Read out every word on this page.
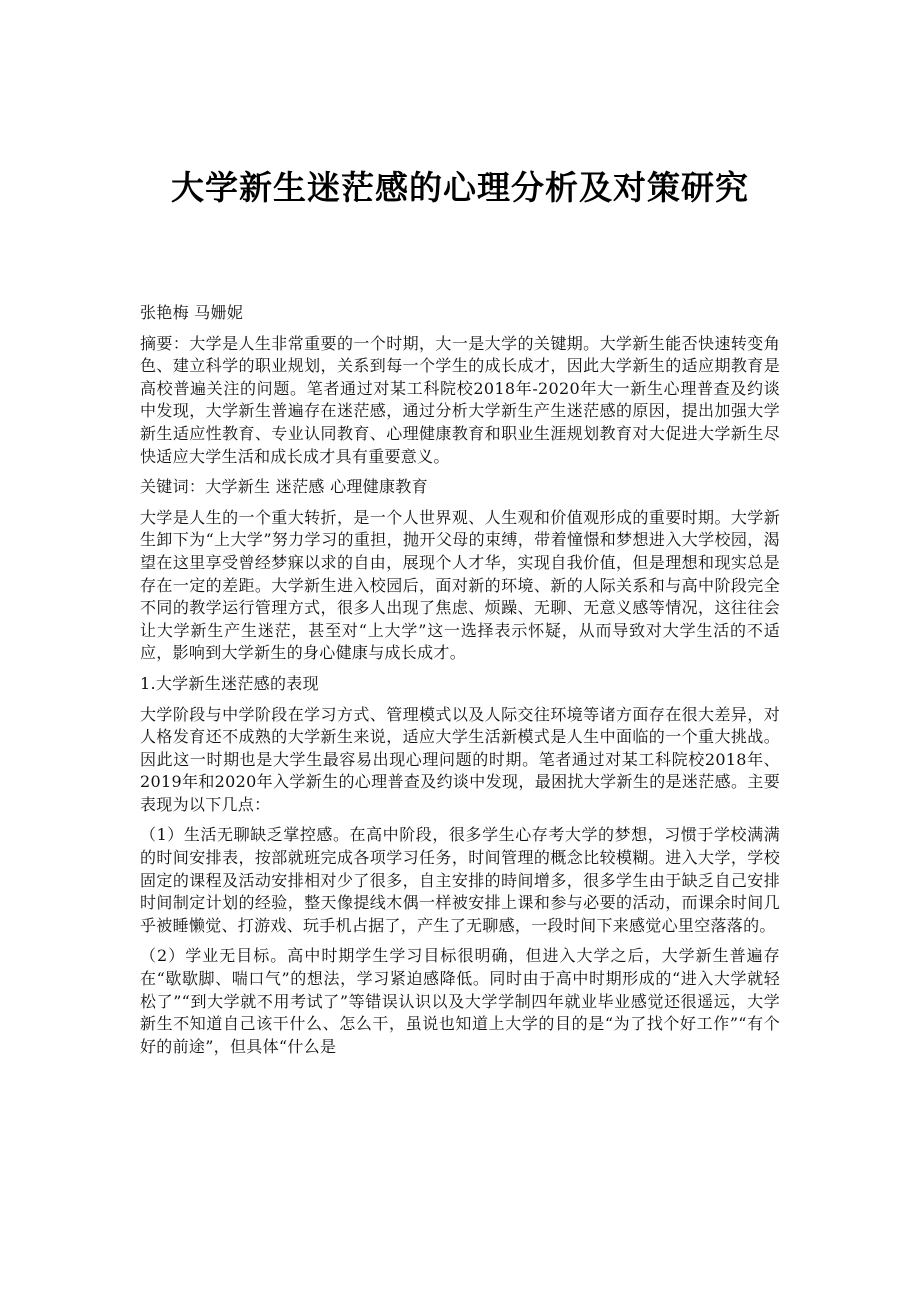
大学新生迷茫感的心理分析及对策研究
张艳梅 马姗妮
摘要：大学是人生非常重要的一个时期，大一是大学的关键期。大学新生能否快速转变角色、建立科学的职业规划，关系到每一个学生的成长成才，因此大学新生的适应期教育是高校普遍关注的问题。笔者通过对某工科院校2018年-2020年大一新生心理普查及约谈中发现，大学新生普遍存在迷茫感，通过分析大学新生产生迷茫感的原因，提出加强大学新生适应性教育、专业认同教育、心理健康教育和职业生涯规划教育对大促进大学新生尽快适应大学生活和成长成才具有重要意义。
关键词：大学新生 迷茫感 心理健康教育
大学是人生的一个重大转折，是一个人世界观、人生观和价值观形成的重要时期。大学新生卸下为“上大学”努力学习的重担，抛开父母的束缚，带着憧憬和梦想进入大学校园，渴望在这里享受曾经梦寐以求的自由，展现个人才华，实现自我价值，但是理想和现实总是存在一定的差距。大学新生进入校园后，面对新的环境、新的人际关系和与高中阶段完全不同的教学运行管理方式，很多人出现了焦虑、烦躁、无聊、无意义感等情况，这往往会让大学新生产生迷茫，甚至对“上大学”这一选择表示怀疑，从而导致对大学生活的不适应，影响到大学新生的身心健康与成长成才。
1.大学新生迷茫感的表现
大学阶段与中学阶段在学习方式、管理模式以及人际交往环境等诸方面存在很大差异，对人格发育还不成熟的大学新生来说，适应大学生活新模式是人生中面临的一个重大挑战。因此这一时期也是大学生最容易出现心理问题的时期。笔者通过对某工科院校2018年、2019年和2020年入学新生的心理普查及约谈中发现，最困扰大学新生的是迷茫感。主要表现为以下几点：
（1）生活无聊缺乏掌控感。在高中阶段，很多学生心存考大学的梦想，习惯于学校满满的时间安排表，按部就班完成各项学习任务，时间管理的概念比较模糊。进入大学，学校固定的课程及活动安排相对少了很多，自主安排的時间增多，很多学生由于缺乏自己安排时间制定计划的经验，整天像提线木偶一样被安排上课和参与必要的活动，而课余时间几乎被睡懒觉、打游戏、玩手机占据了，产生了无聊感，一段时间下来感觉心里空落落的。
（2）学业无目标。高中时期学生学习目标很明确，但进入大学之后，大学新生普遍存在“歇歇脚、喘口气”的想法，学习紧迫感降低。同时由于高中时期形成的“进入大学就轻松了”“到大学就不用考试了”等错误认识以及大学学制四年就业毕业感觉还很遥远，大学新生不知道自己该干什么、怎么干，虽说也知道上大学的目的是“为了找个好工作”“有个好的前途”，但具体“什么是
